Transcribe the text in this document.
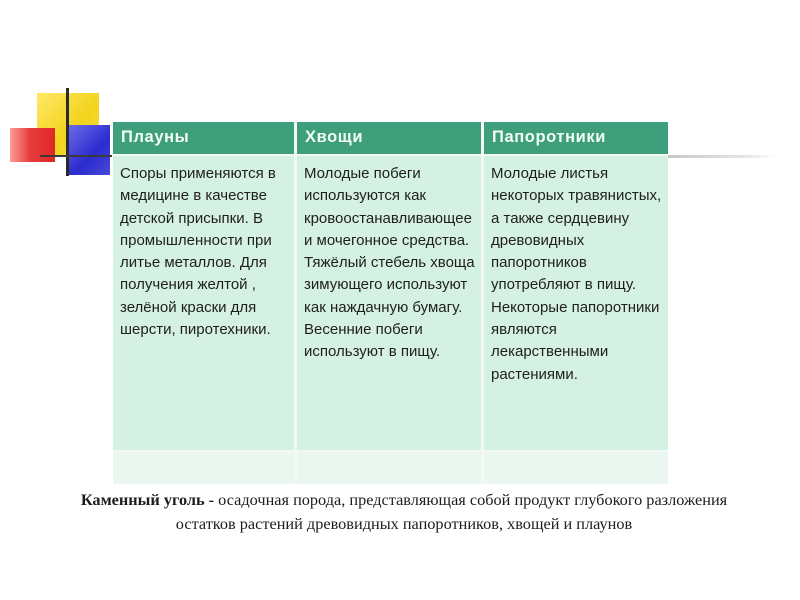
Плауны	Хвощи	Папоротники
Споры применяются в медицине в качестве детской присыпки. В промышленности при литье металлов. Для получения желтой , зелёной краски для шерсти, пиротехники.
Молодые побеги используются как кровоостанавливающее и мочегонное средства. Тяжёлый стебель хвоща зимующего используют как наждачную бумагу. Весенние побеги используют в пищу.
Молодые листья некоторых травянистых, а также сердцевину древовидных папоротников употребляют в пищу. Некоторые папоротники являются лекарственными растениями.
Каменный уголь - осадочная порода, представляющая собой продукт глубокого разложения остатков растений древовидных папоротников, хвощей и плаунов
